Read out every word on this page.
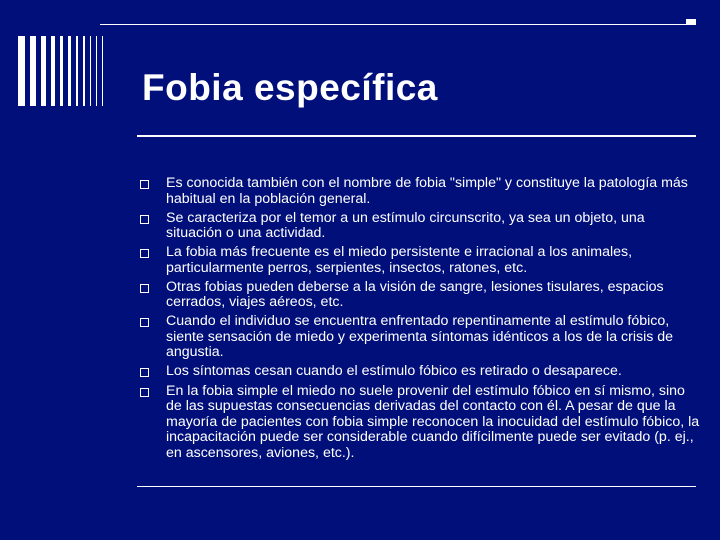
Fobia específica
Es conocida también con el nombre de fobia "simple" y constituye la patología más habitual en la población general.
Se caracteriza por el temor a un estímulo circunscrito, ya sea un objeto, una situación o una actividad.
La fobia más frecuente es el miedo persistente e irracional a los animales, particularmente perros, serpientes, insectos, ratones, etc.
Otras fobias pueden deberse a la visión de sangre, lesiones tisulares, espacios cerrados, viajes aéreos, etc.
Cuando el individuo se encuentra enfrentado repentinamente al estímulo fóbico, siente sensación de miedo y experimenta síntomas idénticos a los de la crisis de angustia.
Los síntomas cesan cuando el estímulo fóbico es retirado o desaparece.
En la fobia simple el miedo no suele provenir del estímulo fóbico en sí mismo, sino de las supuestas consecuencias derivadas del contacto con él. A pesar de que la mayoría de pacientes con fobia simple reconocen la inocuidad del estímulo fóbico, la incapacitación puede ser considerable cuando difícilmente puede ser evitado (p. ej., en ascensores, aviones, etc.).
